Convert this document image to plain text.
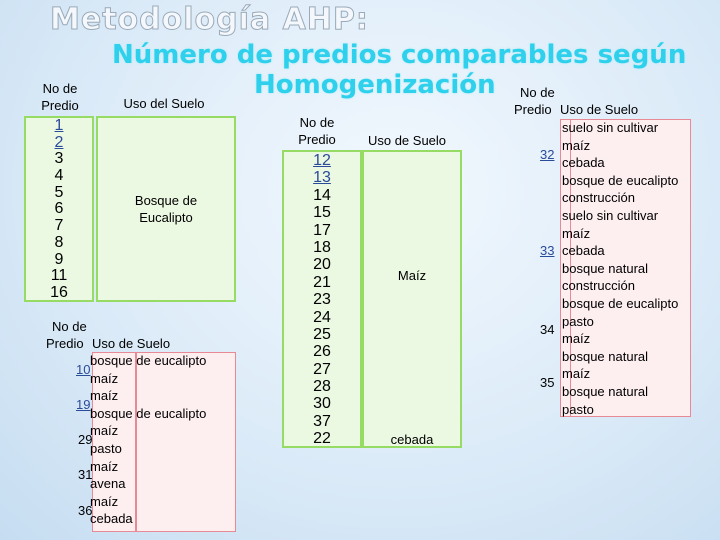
Metodología AHP:
Número de predios comparables según
Homogenización
No de Predio	Uso del Suelo
1
2
3
4
5
6
7
8
9
11
16
Bosque de Eucalipto
No de
Predio Uso de Suelo
10
bosque de eucalipto
maíz
19
maíz
bosque de eucalipto
29
maíz
pasto
31
maíz
avena
36
maíz
cebada
No de Predio	Uso de Suelo
12
13
14
15
17
18
20
21
23
24
25
26
27
28
30
37
22
Maíz
cebada
No de
Predio Uso de Suelo
32
suelo sin cultivar
maíz
cebada
bosque de eucalipto
construcción
33
suelo sin cultivar
maíz
cebada
bosque natural
construcción
bosque de eucalipto
34
pasto
maíz
35
bosque natural
maíz
bosque natural
pasto
